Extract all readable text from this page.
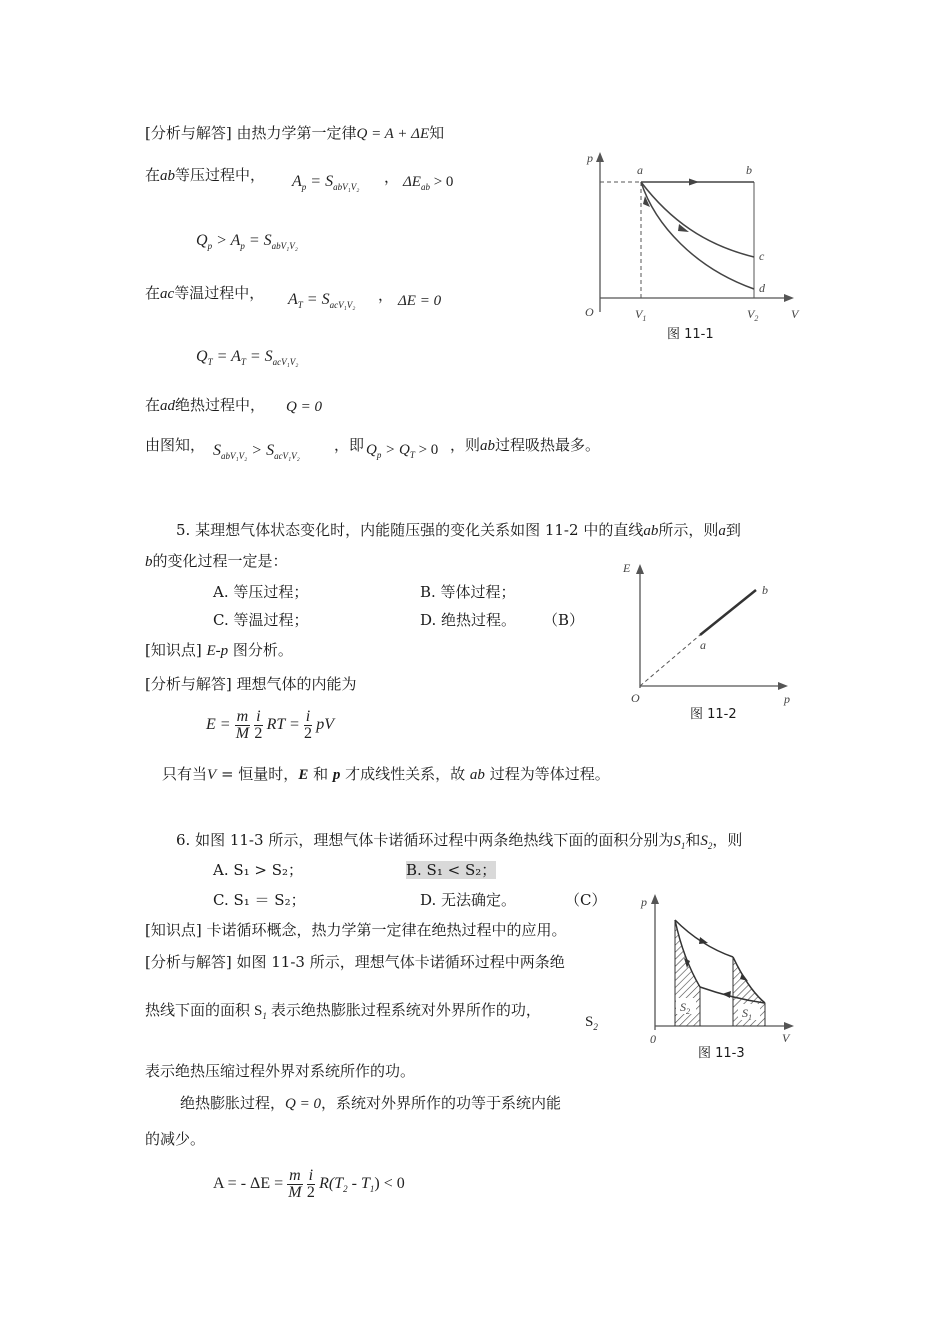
[分析与解答] 由热力学第一定律Q = A + ΔE知
在ab等压过程中， $A_p = S_{abV_1V_2}$
， $\Delta E_{ab} > 0$
$Q_p > A_p = S_{abV_1V_2}$
在ac等温过程中， $A_T = S_{acV_1V_2}$
， ΔE = 0
$Q_T = A_T = S_{acV_1V_2}$
在ad绝热过程中， Q = 0
由图知， $S_{abV_1V_2} > S_{acV_1V_2}$
，即 $Q_p > Q_T > 0$ ，则ab过程吸热最多。
p
V
O
a	b
c
d
$V_1$	$V_2$
图 11-1
5. 某理想气体状态变化时，内能随压强的变化关系如图 11-2 中的直线ab所示，则a到
b的变化过程一定是：
A. 等压过程；	B. 等体过程；
C. 等温过程；	D. 绝热过程。 （B）
[知识点] E-p 图分析。
[分析与解答] 理想气体的内能为
$E = \frac{m}{M}$
$\frac{i}{2}$ RT = $\frac{i}{2}$ pV
只有当V = 恒量时，E 和 p 才成线性关系，故 ab 过程为等体过程。
E
p
O
a
b
图 11-2
6. 如图 11-3 所示，理想气体卡诺循环过程中两条绝热线下面的面积分别为$S_1$和$S_2$，则
A. S₁ > S₂；	B. S₁ < S₂；
C. S₁ ＝ S₂；	D. 无法确定。	（C）
[知识点] 卡诺循环概念，热力学第一定律在绝热过程中的应用。
[分析与解答] 如图 11-3 所示，理想气体卡诺循环过程中两条绝
热线下面的面积 $S_1$ 表示绝热膨胀过程系统对外界所作的功，
$S_2$
表示绝热压缩过程外界对系统所作的功。
绝热膨胀过程，Q = 0，系统对外界所作的功等于系统内能
的减少。
A = - $\Delta E = \frac{m}{M}$
$\frac{i}{2} R(T_2 - T_1) < 0$
p
V
0
$S_2$	$S_1$
图 11-3
